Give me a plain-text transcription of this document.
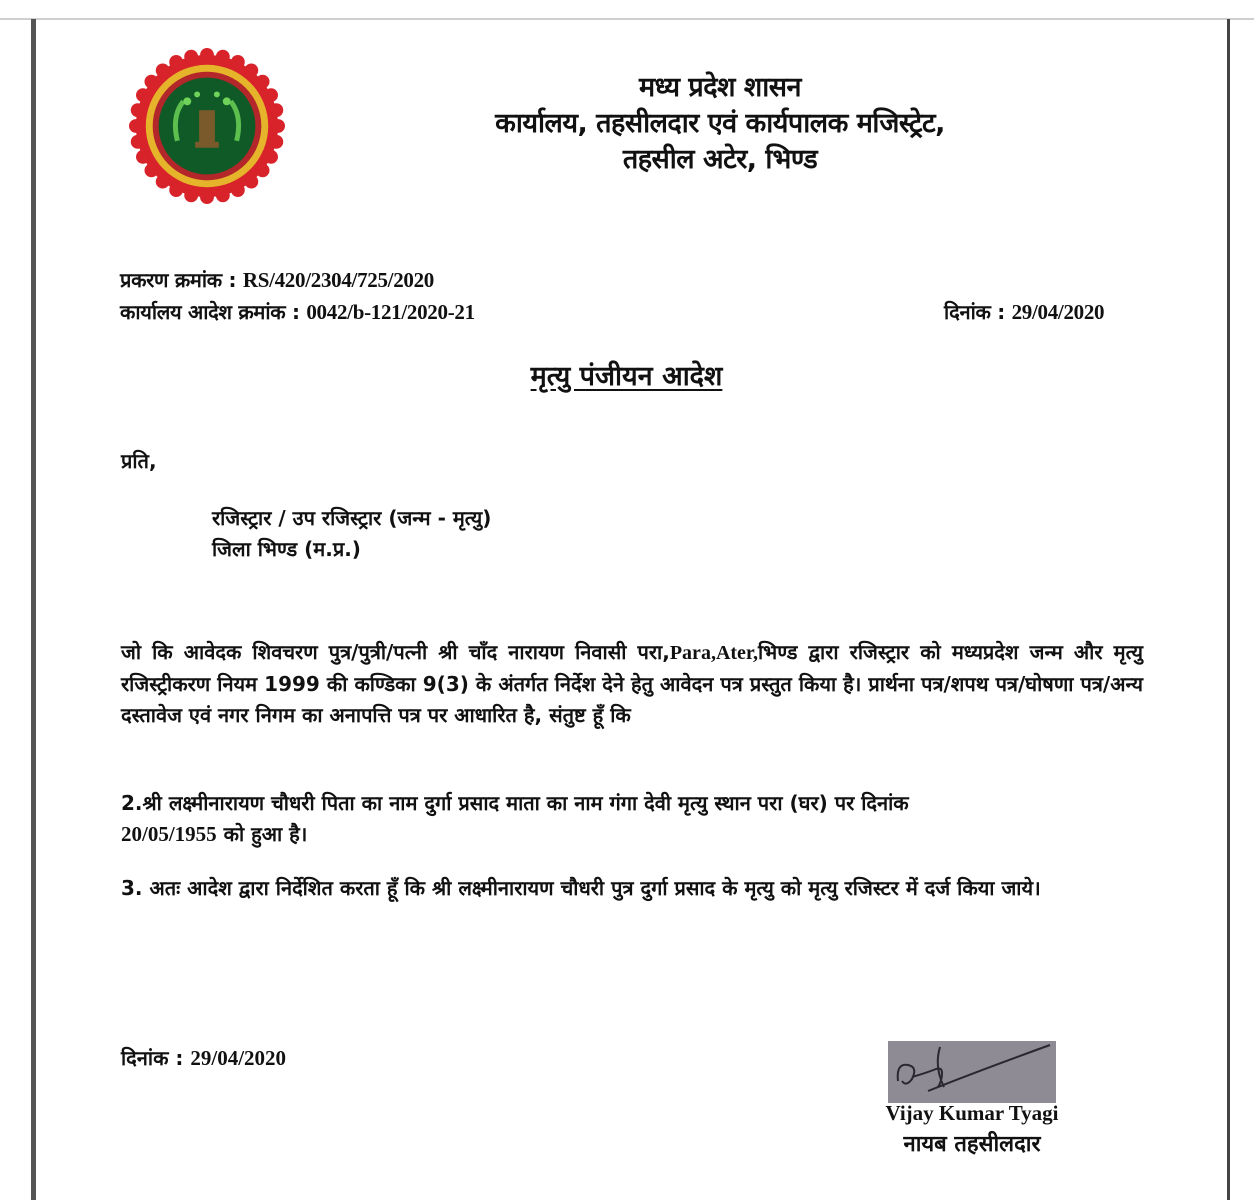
मध्य प्रदेश शासन
कार्यालय, तहसीलदार एवं कार्यपालक मजिस्ट्रेट,
तहसील अटेर, भिण्ड
प्रकरण क्रमांक : RS/420/2304/725/2020
कार्यालय आदेश क्रमांक : 0042/b-121/2020-21	दिनांक : 29/04/2020
मृत्यु पंजीयन आदेश
प्रति,
रजिस्ट्रार / उप रजिस्ट्रार (जन्म - मृत्यु)
जिला भिण्ड (म.प्र.)
जो कि आवेदक शिवचरण पुत्र/पुत्री/पत्नी श्री चाँद नारायण निवासी परा,Para,Ater,भिण्ड द्वारा रजिस्ट्रार को मध्यप्रदेश जन्म और मृत्यु रजिस्ट्रीकरण नियम 1999 की कण्डिका 9(3) के अंतर्गत निर्देश देने हेतु आवेदन पत्र प्रस्तुत किया है। प्रार्थना पत्र/शपथ पत्र/घोषणा पत्र/अन्य दस्तावेज एवं नगर निगम का अनापत्ति पत्र पर आधारित है, संतुष्ट हूँ कि
2.श्री लक्ष्मीनारायण चौधरी पिता का नाम दुर्गा प्रसाद माता का नाम गंगा देवी मृत्यु स्थान परा (घर) पर दिनांक
20/05/1955 को हुआ है।
3. अतः आदेश द्वारा निर्देशित करता हूँ कि श्री लक्ष्मीनारायण चौधरी पुत्र दुर्गा प्रसाद के मृत्यु को मृत्यु रजिस्टर में दर्ज किया जाये।
दिनांक : 29/04/2020
Vijay Kumar Tyagi
नायब तहसीलदार
